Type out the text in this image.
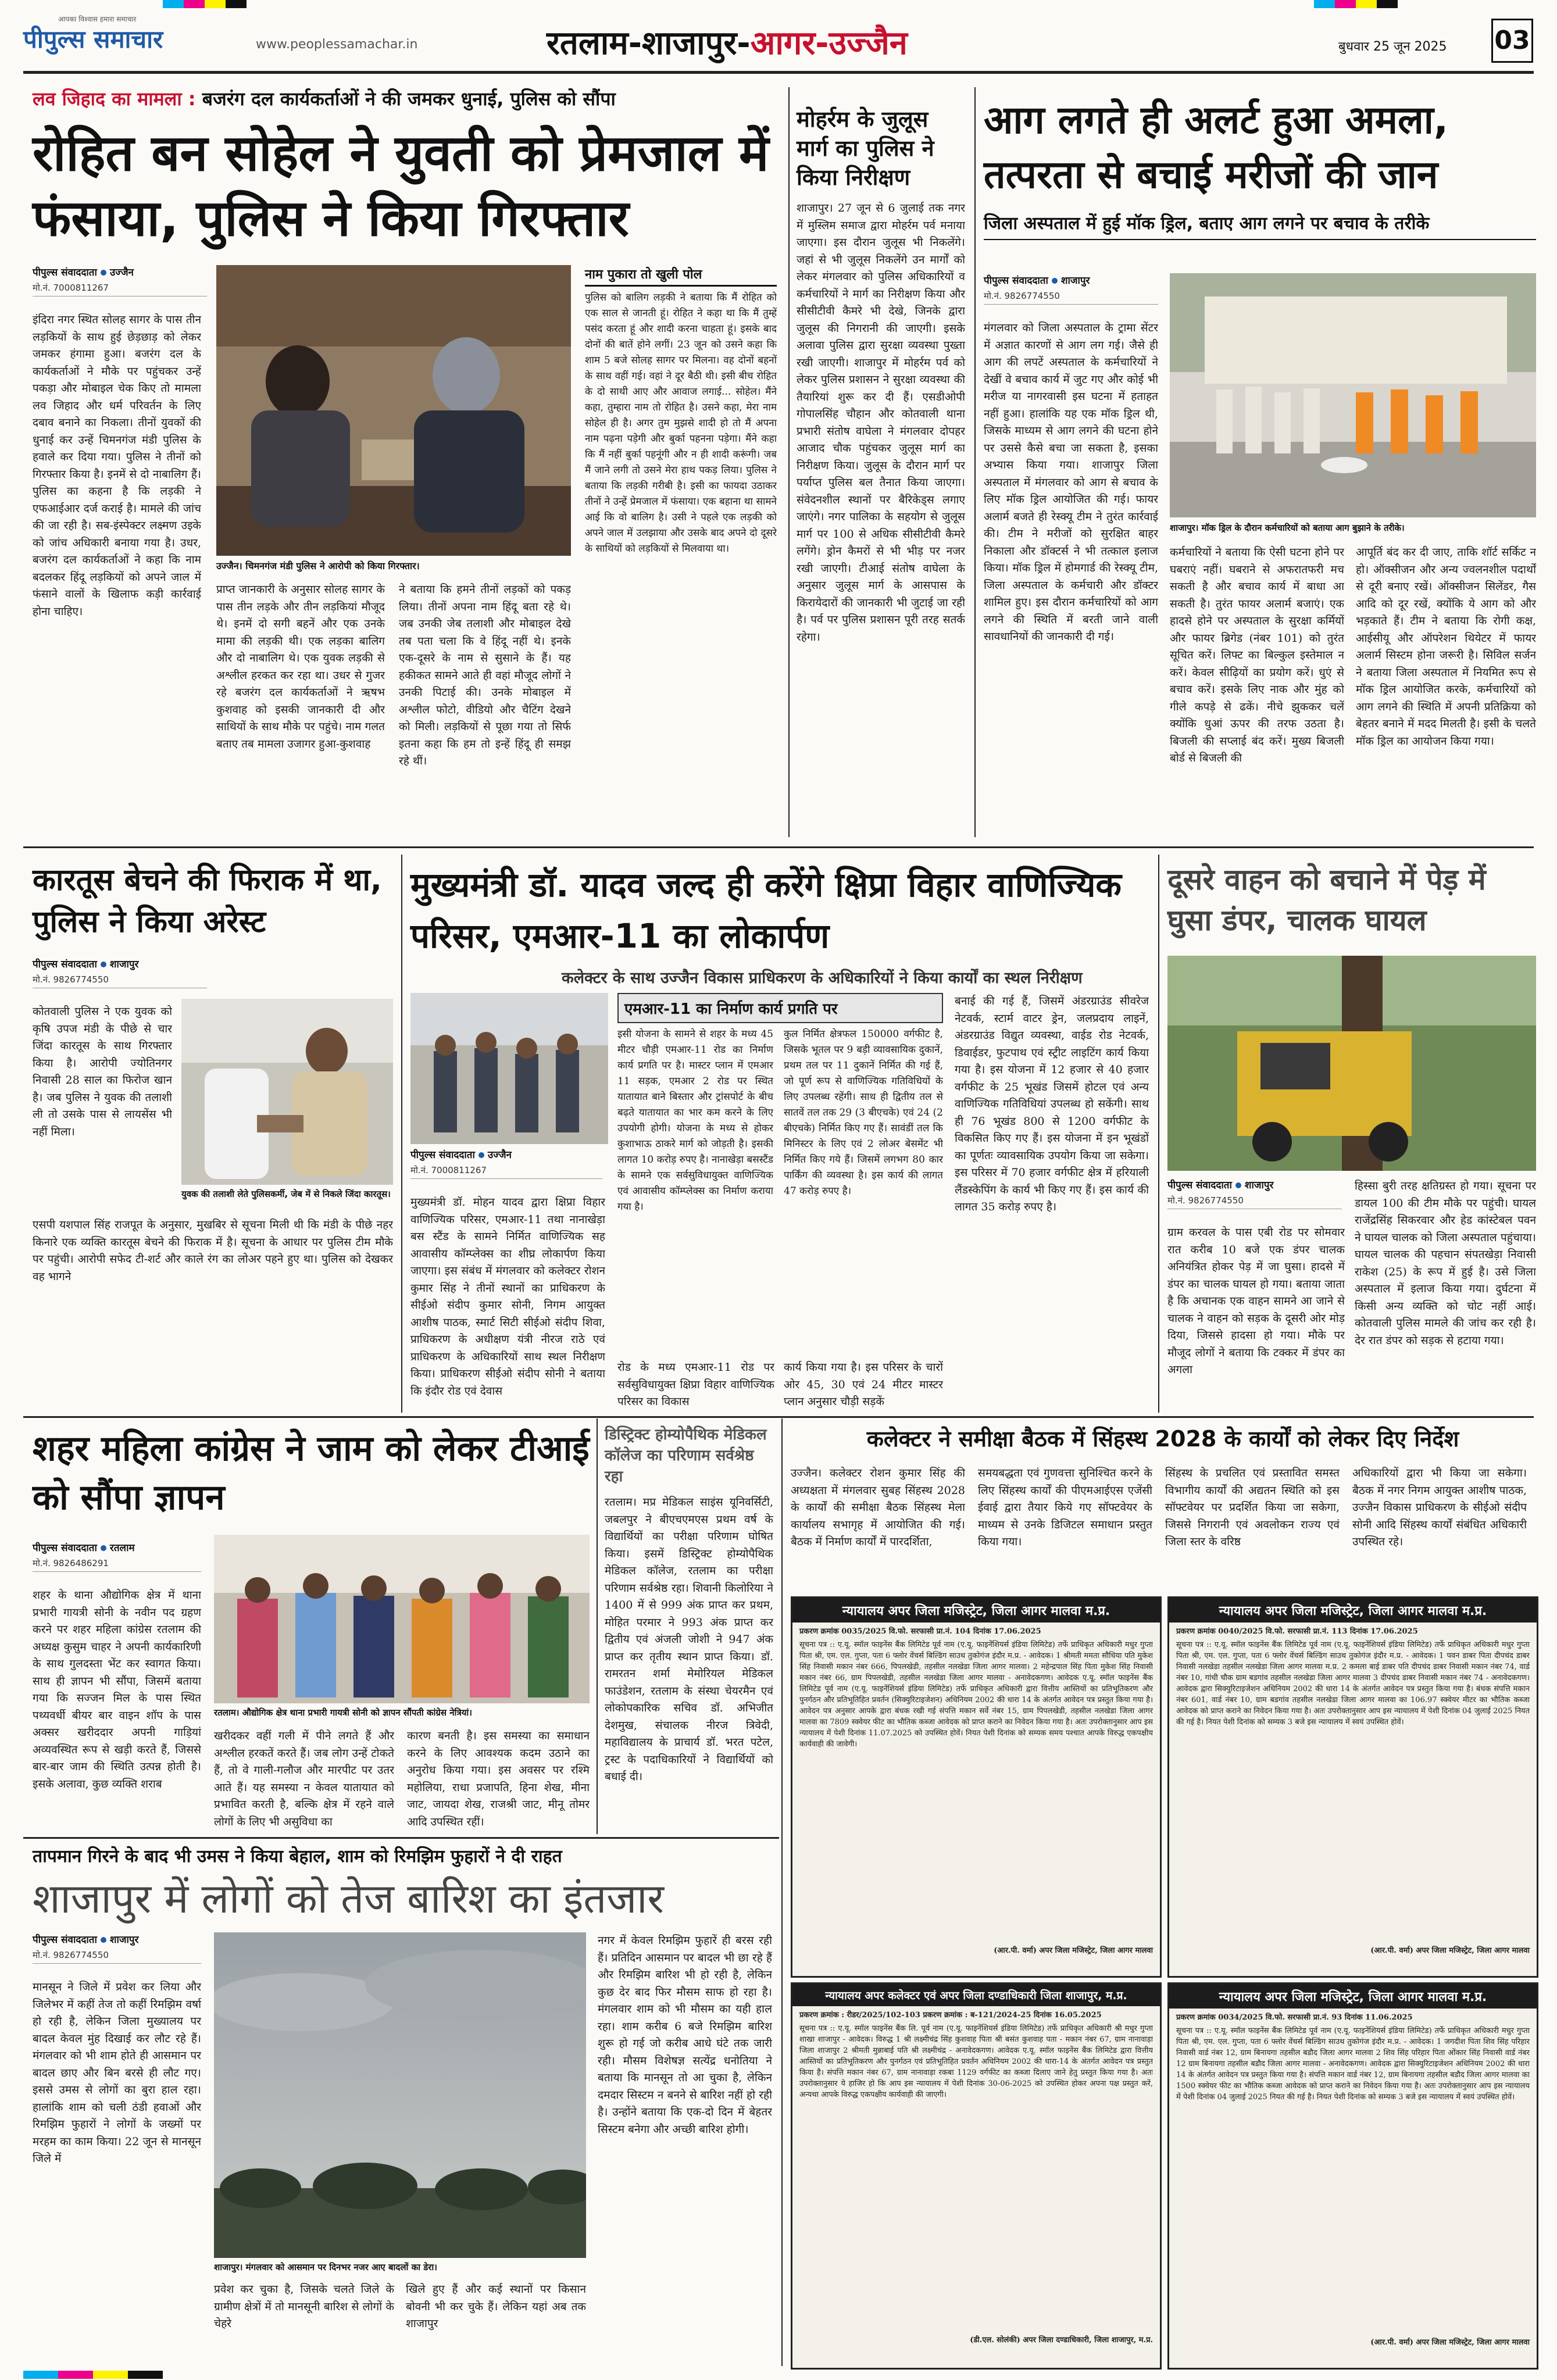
आपका विश्वास हमारा समाचार
पीपुल्स समाचार	www.peoplessamachar.in	रतलाम-शाजापुर-आगर-उज्जैन	बुधवार 25 जून 2025 03
लव जिहाद का मामला : बजरंग दल कार्यकर्ताओं ने की जमकर धुनाई, पुलिस को सौंपा
रोहित बन सोहेल ने युवती को प्रेमजाल में फंसाया, पुलिस ने किया गिरफ्तार
पीपुल्स संवाददाता उज्जैन
मो.नं. 7000811267
इंदिरा नगर स्थित सोलह सागर के पास तीन लड़कियों के साथ हुई छेड़छाड़ को लेकर जमकर हंगामा हुआ। बजरंग दल के कार्यकर्ताओं ने मौके पर पहुंचकर उन्हें पकड़ा और मोबाइल चेक किए तो मामला लव जिहाद और धर्म परिवर्तन के लिए दबाव बनाने का निकला। तीनों युवकों की धुनाई कर उन्हें चिमनगंज मंडी पुलिस के हवाले कर दिया गया। पुलिस ने तीनों को गिरफ्तार किया है। इनमें से दो नाबालिग हैं। पुलिस का कहना है कि लड़की ने एफआईआर दर्ज कराई है। मामले की जांच की जा रही है। सब-इंस्पेक्टर लक्ष्मण उइके को जांच अधिकारी बनाया गया है। उधर, बजरंग दल कार्यकर्ताओं ने कहा कि नाम बदलकर हिंदू लड़कियों को अपने जाल में फंसाने वालों के खिलाफ कड़ी कार्रवाई होना चाहिए।
उज्जैन। चिमनगंज मंडी पुलिस ने आरोपी को किया गिरफ्तार।
प्राप्त जानकारी के अनुसार सोलह सागर के पास तीन लड़के और तीन लड़कियां मौजूद थे। इनमें दो सगी बहनें और एक उनके मामा की लड़की थी। एक लड़का बालिग और दो नाबालिग थे। एक युवक लड़की से अश्लील हरकत कर रहा था। उधर से गुजर रहे बजरंग दल कार्यकर्ताओं ने ऋषभ कुशवाह को इसकी जानकारी दी और साथियों के साथ मौके पर पहुंचे। नाम गलत बताए तब मामला उजागर हुआ-कुशवाह
ने बताया कि हमने तीनों लड़कों को पकड़ लिया। तीनों अपना नाम हिंदू बता रहे थे। जब उनकी जेब तलाशी और मोबाइल देखे तब पता चला कि वे हिंदू नहीं थे। इनके एक-दूसरे के नाम से सुसाने के हैं। यह हकीकत सामने आते ही वहां मौजूद लोगों ने उनकी पिटाई की। उनके मोबाइल में अश्लील फोटो, वीडियो और चैटिंग देखने को मिली। लड़कियों से पूछा गया तो सिर्फ इतना कहा कि हम तो इन्हें हिंदू ही समझ रहे थीं।
नाम पुकारा तो खुली पोल
पुलिस को बालिग लड़की ने बताया कि मैं रोहित को एक साल से जानती हूं। रोहित ने कहा था कि मैं तुम्हें पसंद करता हूं और शादी करना चाहता हूं। इसके बाद दोनों की बातें होने लगीं। 23 जून को उसने कहा कि शाम 5 बजे सोलह सागर पर मिलना। वह दोनों बहनों के साथ वहीं गई। वहां ने दूर बैठी थी। इसी बीच रोहित के दो साथी आए और आवाज लगाई... सोहेल। मैंने कहा, तुम्हारा नाम तो रोहित है। उसने कहा, मेरा नाम सोहेल ही है। अगर तुम मुझसे शादी हो तो मैं अपना नाम पढ़ना पड़ेगी और बुर्का पहनना पड़ेगा। मैंने कहा कि मैं नहीं बुर्का पहनूंगी और न ही शादी करूंगी। जब मैं जाने लगी तो उसने मेरा हाथ पकड़ लिया। पुलिस ने बताया कि लड़की गरीबी है। इसी का फायदा उठाकर तीनों ने उन्हें प्रेमजाल में फंसाया। एक बहाना था सामने आई कि वो बालिग है। उसी ने पहले एक लड़की को अपने जाल में उलझाया और उसके बाद अपने दो दूसरे के साथियों को लड़कियों से मिलवाया था।
मोहर्रम के जुलूस मार्ग का पुलिस ने किया निरीक्षण
शाजापुर। 27 जून से 6 जुलाई तक नगर में मुस्लिम समाज द्वारा मोहर्रम पर्व मनाया जाएगा। इस दौरान जुलूस भी निकलेंगे। जहां से भी जुलूस निकलेंगे उन मार्गों को लेकर मंगलवार को पुलिस अधिकारियों व कर्मचारियों ने मार्ग का निरीक्षण किया और सीसीटीवी कैमरे भी देखे, जिनके द्वारा जुलूस की निगरानी की जाएगी। इसके अलावा पुलिस द्वारा सुरक्षा व्यवस्था पुख्ता रखी जाएगी। शाजापुर में मोहर्रम पर्व को लेकर पुलिस प्रशासन ने सुरक्षा व्यवस्था की तैयारियां शुरू कर दी हैं। एसडीओपी गोपालसिंह चौहान और कोतवाली थाना प्रभारी संतोष वाघेला ने मंगलवार दोपहर आजाद चौक पहुंचकर जुलूस मार्ग का निरीक्षण किया। जुलूस के दौरान मार्ग पर पर्याप्त पुलिस बल तैनात किया जाएगा। संवेदनशील स्थानों पर बैरिकेड्स लगाए जाएंगे। नगर पालिका के सहयोग से जुलूस मार्ग पर 100 से अधिक सीसीटीवी कैमरे लगेंगे। ड्रोन कैमरों से भी भीड़ पर नजर रखी जाएगी। टीआई संतोष वाघेला के अनुसार जुलूस मार्ग के आसपास के किरायेदारों की जानकारी भी जुटाई जा रही है। पर्व पर पुलिस प्रशासन पूरी तरह सतर्क रहेगा।
आग लगते ही अलर्ट हुआ अमला, तत्परता से बचाई मरीजों की जान
जिला अस्पताल में हुई मॉक ड्रिल, बताए आग लगने पर बचाव के तरीके
पीपुल्स संवाददाता शाजापुर
मो.नं. 9826774550
मंगलवार को जिला अस्पताल के ट्रामा सेंटर में अज्ञात कारणों से आग लग गई। जैसे ही आग की लपटें अस्पताल के कर्मचारियों ने देखीं वे बचाव कार्य में जुट गए और कोई भी मरीज या नागरवासी इस घटना में हताहत नहीं हुआ। हालांकि यह एक मॉक ड्रिल थी, जिसके माध्यम से आग लगने की घटना होने पर उससे कैसे बचा जा सकता है, इसका अभ्यास किया गया। शाजापुर जिला अस्पताल में मंगलवार को आग से बचाव के लिए मॉक ड्रिल आयोजित की गई। फायर अलार्म बजते ही रेस्क्यू टीम ने तुरंत कार्रवाई की। टीम ने मरीजों को सुरक्षित बाहर निकाला और डॉक्टर्स ने भी तत्काल इलाज किया। मॉक ड्रिल में होमगार्ड की रेस्क्यू टीम, जिला अस्पताल के कर्मचारी और डॉक्टर शामिल हुए। इस दौरान कर्मचारियों को आग लगने की स्थिति में बरती जाने वाली सावधानियों की जानकारी दी गई।
शाजापुर। मॉक ड्रिल के दौरान कर्मचारियों को बताया आग बुझाने के तरीके।
कर्मचारियों ने बताया कि ऐसी घटना होने पर घबराएं नहीं। घबराने से अफरातफरी मच सकती है और बचाव कार्य में बाधा आ सकती है। तुरंत फायर अलार्म बजाएं। एक हादसे होने पर अस्पताल के सुरक्षा कर्मियों और फायर ब्रिगेड (नंबर 101) को तुरंत सूचित करें। लिफ्ट का बिल्कुल इस्तेमाल न करें। केवल सीढ़ियों का प्रयोग करें। धुएं से बचाव करें। इसके लिए नाक और मुंह को गीले कपड़े से ढकें। नीचे झुककर चलें क्योंकि धुआं ऊपर की तरफ उठता है। बिजली की सप्लाई बंद करें। मुख्य बिजली बोर्ड से बिजली की
आपूर्ति बंद कर दी जाए, ताकि शॉर्ट सर्किट न हो। ऑक्सीजन और अन्य ज्वलनशील पदार्थों से दूरी बनाए रखें। ऑक्सीजन सिलेंडर, गैस आदि को दूर रखें, क्योंकि ये आग को और भड़काते हैं। टीम ने बताया कि रोगी कक्ष, आईसीयू और ऑपरेशन थियेटर में फायर अलार्म सिस्टम होना जरूरी है। सिविल सर्जन ने बताया जिला अस्पताल में नियमित रूप से मॉक ड्रिल आयोजित करके, कर्मचारियों को आग लगने की स्थिति में अपनी प्रतिक्रिया को बेहतर बनाने में मदद मिलती है। इसी के चलते मॉक ड्रिल का आयोजन किया गया।
कारतूस बेचने की फिराक में था, पुलिस ने किया अरेस्ट
पीपुल्स संवाददाता शाजापुर
मो.नं. 9826774550
कोतवाली पुलिस ने एक युवक को कृषि उपज मंडी के पीछे से चार जिंदा कारतूस के साथ गिरफ्तार किया है। आरोपी ज्योतिनगर निवासी 28 साल का फिरोज खान है। जब पुलिस ने युवक की तलाशी ली तो उसके पास से लायसेंस भी नहीं मिला।
युवक की तलाशी लेते पुलिसकर्मी, जेब में से निकले जिंदा कारतूस।
एसपी यशपाल सिंह राजपूत के अनुसार, मुखबिर से सूचना मिली थी कि मंडी के पीछे नहर किनारे एक व्यक्ति कारतूस बेचने की फिराक में है। सूचना के आधार पर पुलिस टीम मौके पर पहुंची। आरोपी सफेद टी-शर्ट और काले रंग का लोअर पहने हुए था। पुलिस को देखकर वह भागने
मुख्यमंत्री डॉ. यादव जल्द ही करेंगे क्षिप्रा विहार वाणिज्यिक परिसर, एमआर-11 का लोकार्पण
कलेक्टर के साथ उज्जैन विकास प्राधिकरण के अधिकारियों ने किया कार्यों का स्थल निरीक्षण
पीपुल्स संवाददाता उज्जैन
मो.नं. 7000811267
मुख्यमंत्री डॉ. मोहन यादव द्वारा क्षिप्रा विहार वाणिज्यिक परिसर, एमआर-11 तथा नानाखेड़ा बस स्टैंड के सामने निर्मित वाणिज्यिक सह आवासीय कॉम्प्लेक्स का शीघ्र लोकार्पण किया जाएगा। इस संबंध में मंगलवार को कलेक्टर रोशन कुमार सिंह ने तीनों स्थानों का प्राधिकरण के सीईओ संदीप कुमार सोनी, निगम आयुक्त आशीष पाठक, स्मार्ट सिटी सीईओ संदीप शिवा, प्राधिकरण के अधीक्षण यंत्री नीरज राठे एवं प्राधिकरण के अधिकारियों साथ स्थल निरीक्षण किया। प्राधिकरण सीईओ संदीप सोनी ने बताया कि इंदौर रोड एवं देवास
एमआर-11 का निर्माण कार्य प्रगति पर
इसी योजना के सामने से शहर के मध्य 45 मीटर चौड़ी एमआर-11 रोड का निर्माण कार्य प्रगति पर है। मास्टर प्लान में एमआर 11 सड़क, एमआर 2 रोड पर स्थित यातायात बाने बिस्तार और ट्रांसपोर्ट के बीच बढ़ते यातायात का भार कम करने के लिए उपयोगी होगी। योजना के मध्य से होकर कुशाभाऊ ठाकरे मार्ग को जोड़ती है। इसकी लागत 10 करोड़ रुपए है। नानाखेड़ा बसस्टैंड के सामने एक सर्वसुविधायुक्त वाणिज्यिक एवं आवासीय कॉम्प्लेक्स का निर्माण कराया गया है।
कुल निर्मित क्षेत्रफल 150000 वर्गफीट है, जिसके भूतल पर 9 बड़ी व्यावसायिक दुकानें, प्रथम तल पर 11 दुकानें निर्मित की गई हैं, जो पूर्ण रूप से वाणिज्यिक गतिविधियों के लिए उपलब्ध रहेंगी। साथ ही द्वितीय तल से सातवें तल तक 29 (3 बीएचके) एवं 24 (2 बीएचके) निर्मित किए गए हैं। सावंडीं तल कि मिनिस्टर के लिए एवं 2 लोअर बेसमेंट भी निर्मित किए गये हैं। जिसमें लगभग 80 कार पार्किंग की व्यवस्था है। इस कार्य की लागत 47 करोड़ रुपए है।
रोड के मध्य एमआर-11 रोड पर सर्वसुविधायुक्त क्षिप्रा विहार वाणिज्यिक परिसर का विकास
कार्य किया गया है। इस परिसर के चारों ओर 45, 30 एवं 24 मीटर मास्टर प्लान अनुसार चौड़ी सड़कें
बनाई की गई हैं, जिसमें अंडरग्राउंड सीवरेज नेटवर्क, स्टार्म वाटर ड्रेन, जलप्रदाय लाइनें, अंडरग्राउंड विद्युत व्यवस्था, वाईड रोड नेटवर्क, डिवाईडर, फुटपाथ एवं स्ट्रीट लाइटिंग कार्य किया गया है। इस योजना में 12 हजार से 40 हजार वर्गफीट के 25 भूखंड जिसमें होटल एवं अन्य वाणिज्यिक गतिविधियां उपलब्ध हो सकेंगी। साथ ही 76 भूखंड 800 से 1200 वर्गफीट के विकसित किए गए हैं। इस योजना में इन भूखंडों का पूर्णतः व्यावसायिक उपयोग किया जा सकेगा। इस परिसर में 70 हजार वर्गफीट क्षेत्र में हरियाली लैंडस्केपिंग के कार्य भी किए गए हैं। इस कार्य की लागत 35 करोड़ रुपए है।
दूसरे वाहन को बचाने में पेड़ में घुसा डंपर, चालक घायल
पीपुल्स संवाददाता शाजापुर
मो.नं. 9826774550
ग्राम करवल के पास एबी रोड पर सोमवार रात करीब 10 बजे एक डंपर चालक अनियंत्रित होकर पेड़ में जा घुसा। हादसे में डंपर का चालक घायल हो गया। बताया जाता है कि अचानक एक वाहन सामने आ जाने से चालक ने वाहन को सड़क के दूसरी ओर मोड़ दिया, जिससे हादसा हो गया। मौके पर मौजूद लोगों ने बताया कि टक्कर में डंपर का अगला
हिस्सा बुरी तरह क्षतिग्रस्त हो गया। सूचना पर डायल 100 की टीम मौके पर पहुंची। घायल राजेंद्रसिंह सिकरवार और हेड कांस्टेबल पवन ने घायल चालक को जिला अस्पताल पहुंचाया। घायल चालक की पहचान संपतखेड़ा निवासी राकेश (25) के रूप में हुई है। उसे जिला अस्पताल में इलाज किया गया। दुर्घटना में किसी अन्य व्यक्ति को चोट नहीं आई। कोतवाली पुलिस मामले की जांच कर रही है। देर रात डंपर को सड़क से हटाया गया।
शहर महिला कांग्रेस ने जाम को लेकर टीआई को सौंपा ज्ञापन
पीपुल्स संवाददाता रतलाम
मो.नं. 9826486291
शहर के थाना औद्योगिक क्षेत्र में थाना प्रभारी गायत्री सोनी के नवीन पद ग्रहण करने पर शहर महिला कांग्रेस रतलाम की अध्यक्ष कुसुम चाहर ने अपनी कार्यकारिणी के साथ गुलदस्ता भेंट कर स्वागत किया। साथ ही ज्ञापन भी सौंपा, जिसमें बताया गया कि सज्जन मिल के पास स्थित पथ्यवर्धी बीयर बार वाइन शॉप के पास अक्सर खरीददार अपनी गाड़ियां अव्यवस्थित रूप से खड़ी करते हैं, जिससे बार-बार जाम की स्थिति उत्पन्न होती है। इसके अलावा, कुछ व्यक्ति शराब
रतलाम। औद्योगिक क्षेत्र थाना प्रभारी गायत्री सोनी को ज्ञापन सौंपती कांग्रेस नेत्रियां।
खरीदकर वहीं गली में पीने लगते हैं और अश्लील हरकतें करते हैं। जब लोग उन्हें टोकते हैं, तो वे गाली-गलौज और मारपीट पर उतर आते हैं। यह समस्या न केवल यातायात को प्रभावित करती है, बल्कि क्षेत्र में रहने वाले लोगों के लिए भी असुविधा का
कारण बनती है। इस समस्या का समाधान करने के लिए आवश्यक कदम उठाने का अनुरोध किया गया। इस अवसर पर रश्मि महोलिया, राधा प्रजापति, हिना शेख, मीना जाट, जायदा शेख, राजश्री जाट, मीनू तोमर आदि उपस्थित रहीं।
डिस्ट्रिक्ट होम्योपैथिक मेडिकल कॉलेज का परिणाम सर्वश्रेष्ठ रहा
रतलाम। मप्र मेडिकल साइंस यूनिवर्सिटी, जबलपुर ने बीएचएमएस प्रथम वर्ष के विद्यार्थियों का परीक्षा परिणाम घोषित किया। इसमें डिस्ट्रिक्ट होम्योपैथिक मेडिकल कॉलेज, रतलाम का परीक्षा परिणाम सर्वश्रेष्ठ रहा। शिवानी किलोरिया ने 1400 में से 999 अंक प्राप्त कर प्रथम, मोहित परमार ने 993 अंक प्राप्त कर द्वितीय एवं अंजली जोशी ने 947 अंक प्राप्त कर तृतीय स्थान प्राप्त किया। डॉ. रामरतन शर्मा मेमोरियल मेडिकल फाउंडेशन, रतलाम के संस्था चेयरमैन एवं लोकोपकारिक सचिव डॉ. अभिजीत देशमुख, संचालक नीरज त्रिवेदी, महाविद्यालय के प्राचार्य डॉ. भरत पटेल, ट्रस्ट के पदाधिकारियों ने विद्यार्थियों को बधाई दी।
कलेक्टर ने समीक्षा बैठक में सिंहस्थ 2028 के कार्यों को लेकर दिए निर्देश
उज्जैन। कलेक्टर रोशन कुमार सिंह की अध्यक्षता में मंगलवार सुबह सिंहस्थ 2028 के कार्यों की समीक्षा बैठक सिंहस्थ मेला कार्यालय सभागृह में आयोजित की गई। बैठक में निर्माण कार्यों में पारदर्शिता,
समयबद्धता एवं गुणवत्ता सुनिश्चित करने के लिए सिंहस्थ कार्यों की पीएमआईएस एजेंसी ईवाई द्वारा तैयार किये गए सॉफ्टवेयर के माध्यम से उनके डिजिटल समाधान प्रस्तुत किया गया।
सिंहस्थ के प्रचलित एवं प्रस्तावित समस्त विभागीय कार्यों की अद्यतन स्थिति को इस सॉफ्टवेयर पर प्रदर्शित किया जा सकेगा, जिससे निगरानी एवं अवलोकन राज्य एवं जिला स्तर के वरिष्ठ
अधिकारियों द्वारा भी किया जा सकेगा। बैठक में नगर निगम आयुक्त आशीष पाठक, उज्जैन विकास प्राधिकरण के सीईओ संदीप सोनी आदि सिंहस्थ कार्यों संबंधित अधिकारी उपस्थित रहे।
न्यायालय अपर जिला मजिस्ट्रेट, जिला आगर मालवा म.प्र.
प्रकरण क्रमांक 0035/2025 वि.फो. सरफासी प्रा.नं. 104 दिनांक 17.06.2025
सूचना पत्र :: ए.यू. स्मॉल फाइनेंस बैंक लिमिटेड पूर्व नाम (ए.यू. फाइनेंशियर्स इंडिया लिमिटेड) तर्फे प्राधिकृत अधिकारी मधुर गुप्ता पिता श्री, एम. एल. गुप्ता, पता 6 फ्लोर वेंचर्स बिल्डिंग साउथ तुकोगंज इंदौर म.प्र. - आवेदक। 1 श्रीमती ममता सौधिया पति मुकेश सिंह निवासी मकान नंबर 666, पिपलखेडी, तहसील नलखेडा जिला आगर मालवा। 2 महेन्द्रपाल सिंह पिता मुकेश सिंह निवासी मकान नंबर 66, ग्राम पिपलखेडी, तहसील नलखेडा जिला आगर मालवा - अनावेदकगण। आवेदक ए.यू. स्मॉल फाइनेंस बैंक लिमिटेड पूर्व नाम (ए.यू. फाइनेंशियर्स इंडिया लिमिटेड) तर्फे प्राधिकृत अधिकारी द्वारा वित्तीय आस्तियों का प्रतिभूतिकरण और पुनर्गठन और प्रतिभूतिहित प्रवर्तन (सिक्युरिटाइजेशन) अधिनियम 2002 की धारा 14 के अंतर्गत आवेदन पत्र प्रस्तुत किया गया है। आवेदन पत्र अनुसार आपके द्वारा बंधक रखी गई संपत्ति मकान सर्वे नंबर 15, ग्राम पिपलखेडी, तहसील नलखेडा जिला आगर मालवा का 7809 स्क्वेयर फीट का भौतिक कब्जा आवेदक को प्राप्त कराने का निवेदन किया गया है। अतः उपरोक्तानुसार आप इस न्यायालय में पेशी दिनांक 11.07.2025 को उपस्थित होवें। नियत पेशी दिनांक को सम्यक समय पश्चात आपके विरुद्ध एकपक्षीय कार्यवाही की जावेगी।
(आर.पी. वर्मा) अपर जिला मजिस्ट्रेट, जिला आगर मालवा
न्यायालय अपर जिला मजिस्ट्रेट, जिला आगर मालवा म.प्र.
प्रकरण क्रमांक 0040/2025 वि.फो. सरफासी प्रा.नं. 113 दिनांक 17.06.2025
सूचना पत्र :: ए.यू. स्मॉल फाइनेंस बैंक लिमिटेड पूर्व नाम (ए.यू. फाइनेंशियर्स इंडिया लिमिटेड) तर्फे प्राधिकृत अधिकारी मधुर गुप्ता पिता श्री, एम. एल. गुप्ता, पता 6 फ्लोर वेंचर्स बिल्डिंग साउथ तुकोगंज इंदौर म.प्र. - आवेदक। 1 पवन डाबर पिता दीपचंद डाबर निवासी नलखेडा तहसील नलखेडा जिला आगर मालवा म.प्र. 2 कमला बाई डाबर पति दीपचंद डाबर निवासी मकान नंबर 74, वार्ड नंबर 10, गांधी चौक ग्राम बडगांव तहसील नलखेडा जिला आगर मालवा 3 दीपचंद डाबर निवासी मकान नंबर 74 - अनावेदकगण। आवेदक द्वारा सिक्युरिटाइजेशन अधिनियम 2002 की धारा 14 के अंतर्गत आवेदन पत्र प्रस्तुत किया गया है। बंधक संपत्ति मकान नंबर 601, वार्ड नंबर 10, ग्राम बडगांव तहसील नलखेडा जिला आगर मालवा का 106.97 स्क्वेयर मीटर का भौतिक कब्जा आवेदक को प्राप्त कराने का निवेदन किया गया है। अतः उपरोक्तानुसार आप इस न्यायालय में पेशी दिनांक 04 जुलाई 2025 नियत की गई है। नियत पेशी दिनांक को सम्यक 3 बजे इस न्यायालय में स्वयं उपस्थित होवें।
(आर.पी. वर्मा) अपर जिला मजिस्ट्रेट, जिला आगर मालवा
न्यायालय अपर कलेक्टर एवं अपर जिला दण्डाधिकारी जिला शाजापुर, म.प्र.
प्रकरण क्रमांक : रीडर/2025/102-103 प्रकरण क्रमांक : ब-121/2024-25 दिनांक 16.05.2025
सूचना पत्र :: ए.यू. स्मॉल फाइनेंस बैंक लि. पूर्व नाम (ए.यू. फाइनेंशियर्स इंडिया लिमिटेड) तर्फे प्राधिकृत अधिकारी श्री मधुर गुप्ता शाखा शाजापुर - आवेदक। विरुद्ध 1 श्री लक्ष्मीचंद्र सिंह कुशवाह पिता श्री बसंत कुशवाह पता - मकान नंबर 67, ग्राम नानावाड़ा जिला शाजापुर 2 श्रीमती मुन्नाबाई पति श्री लक्ष्मीचंद्र - अनावेदकगण। आवेदक ए.यू. स्मॉल फाइनेंस बैंक लिमिटेड द्वारा वित्तीय आस्तियों का प्रतिभूतिकरण और पुनर्गठन एवं प्रतिभूतिहित प्रवर्तन अधिनियम 2002 की धारा-14 के अंतर्गत आवेदन पत्र प्रस्तुत किया है। संपत्ति मकान नंबर 67, ग्राम नानावाड़ा रकबा 1129 वर्गफीट का कब्जा दिलाए जाने हेतु प्रस्तुत किया गया है। अतः उपरोक्तानुसार ये हाजिर हो कि आप इस न्यायालय में पेशी दिनांक 30-06-2025 को उपस्थित होकर अपना पक्ष प्रस्तुत करें, अन्यथा आपके विरुद्ध एकपक्षीय कार्यवाही की जाएगी।
(डी.एल. सोलंकी) अपर जिला दण्डाधिकारी, जिला शाजापुर, म.प्र.
न्यायालय अपर जिला मजिस्ट्रेट, जिला आगर मालवा म.प्र.
प्रकरण क्रमांक 0034/2025 वि.फो. सरफासी प्रा.नं. 93 दिनांक 11.06.2025
सूचना पत्र :: ए.यू. स्मॉल फाइनेंस बैंक लिमिटेड पूर्व नाम (ए.यू. फाइनेंशियर्स इंडिया लिमिटेड) तर्फे प्राधिकृत अधिकारी मधुर गुप्ता पिता श्री, एम. एल. गुप्ता, पता 6 फ्लोर वेंचर्स बिल्डिंग साउथ तुकोगंज इंदौर म.प्र. - आवेदक। 1 जगदीश पिता शिव सिंह परिहार निवासी वार्ड नंबर 12, ग्राम बिनायगा तहसील बडौद जिला आगर मालवा 2 शिव सिंह परिहार पिता ओंकार सिंह निवासी वार्ड नंबर 12 ग्राम बिनायगा तहसील बडौद जिला आगर मालवा - अनावेदकगण। आवेदक द्वारा सिक्युरिटाइजेशन अधिनियम 2002 की धारा 14 के अंतर्गत आवेदन पत्र प्रस्तुत किया गया है। संपत्ति मकान वार्ड नंबर 12, ग्राम बिनायगा तहसील बडौद जिला आगर मालवा का 1500 स्क्वेयर फीट का भौतिक कब्जा आवेदक को प्राप्त कराने का निवेदन किया गया है। अतः उपरोक्तानुसार आप इस न्यायालय में पेशी दिनांक 04 जुलाई 2025 नियत की गई है। नियत पेशी दिनांक को सम्यक 3 बजे इस न्यायालय में स्वयं उपस्थित होवें।
(आर.पी. वर्मा) अपर जिला मजिस्ट्रेट, जिला आगर मालवा
तापमान गिरने के बाद भी उमस ने किया बेहाल, शाम को रिमझिम फुहारों ने दी राहत
शाजापुर में लोगों को तेज बारिश का इंतजार
पीपुल्स संवाददाता शाजापुर
मो.नं. 9826774550
मानसून ने जिले में प्रवेश कर लिया और जिलेभर में कहीं तेज तो कहीं रिमझिम वर्षा हो रही है, लेकिन जिला मुख्यालय पर बादल केवल मुंह दिखाई कर लौट रहे हैं। मंगलवार को भी शाम होते ही आसमान पर बादल छाए और बिन बरसे ही लौट गए। इससे उमस से लोगों का बुरा हाल रहा। हालांकि शाम को चली ठंडी हवाओं और रिमझिम फुहारों ने लोगों के जख्मों पर मरहम का काम किया। 22 जून से मानसून जिले में
शाजापुर। मंगलवार को आसमान पर दिनभर नजर आए बादलों का डेरा।
प्रवेश कर चुका है, जिसके चलते जिले के ग्रामीण क्षेत्रों में तो मानसूनी बारिश से लोगों के चेहरे
खिले हुए हैं और कई स्थानों पर किसान बोवनी भी कर चुके हैं। लेकिन यहां अब तक शाजापुर
नगर में केवल रिमझिम फुहारें ही बरस रही हैं। प्रतिदिन आसमान पर बादल भी छा रहे हैं और रिमझिम बारिश भी हो रही है, लेकिन कुछ देर बाद फिर मौसम साफ हो रहा है। मंगलवार शाम को भी मौसम का यही हाल रहा। शाम करीब 6 बजे रिमझिम बारिश शुरू हो गई जो करीब आधे घंटे तक जारी रही। मौसम विशेषज्ञ सत्येंद्र धनोतिया ने बताया कि मानसून तो आ चुका है, लेकिन दमदार सिस्टम न बनने से बारिश नहीं हो रही है। उन्होंने बताया कि एक-दो दिन में बेहतर सिस्टम बनेगा और अच्छी बारिश होगी।
